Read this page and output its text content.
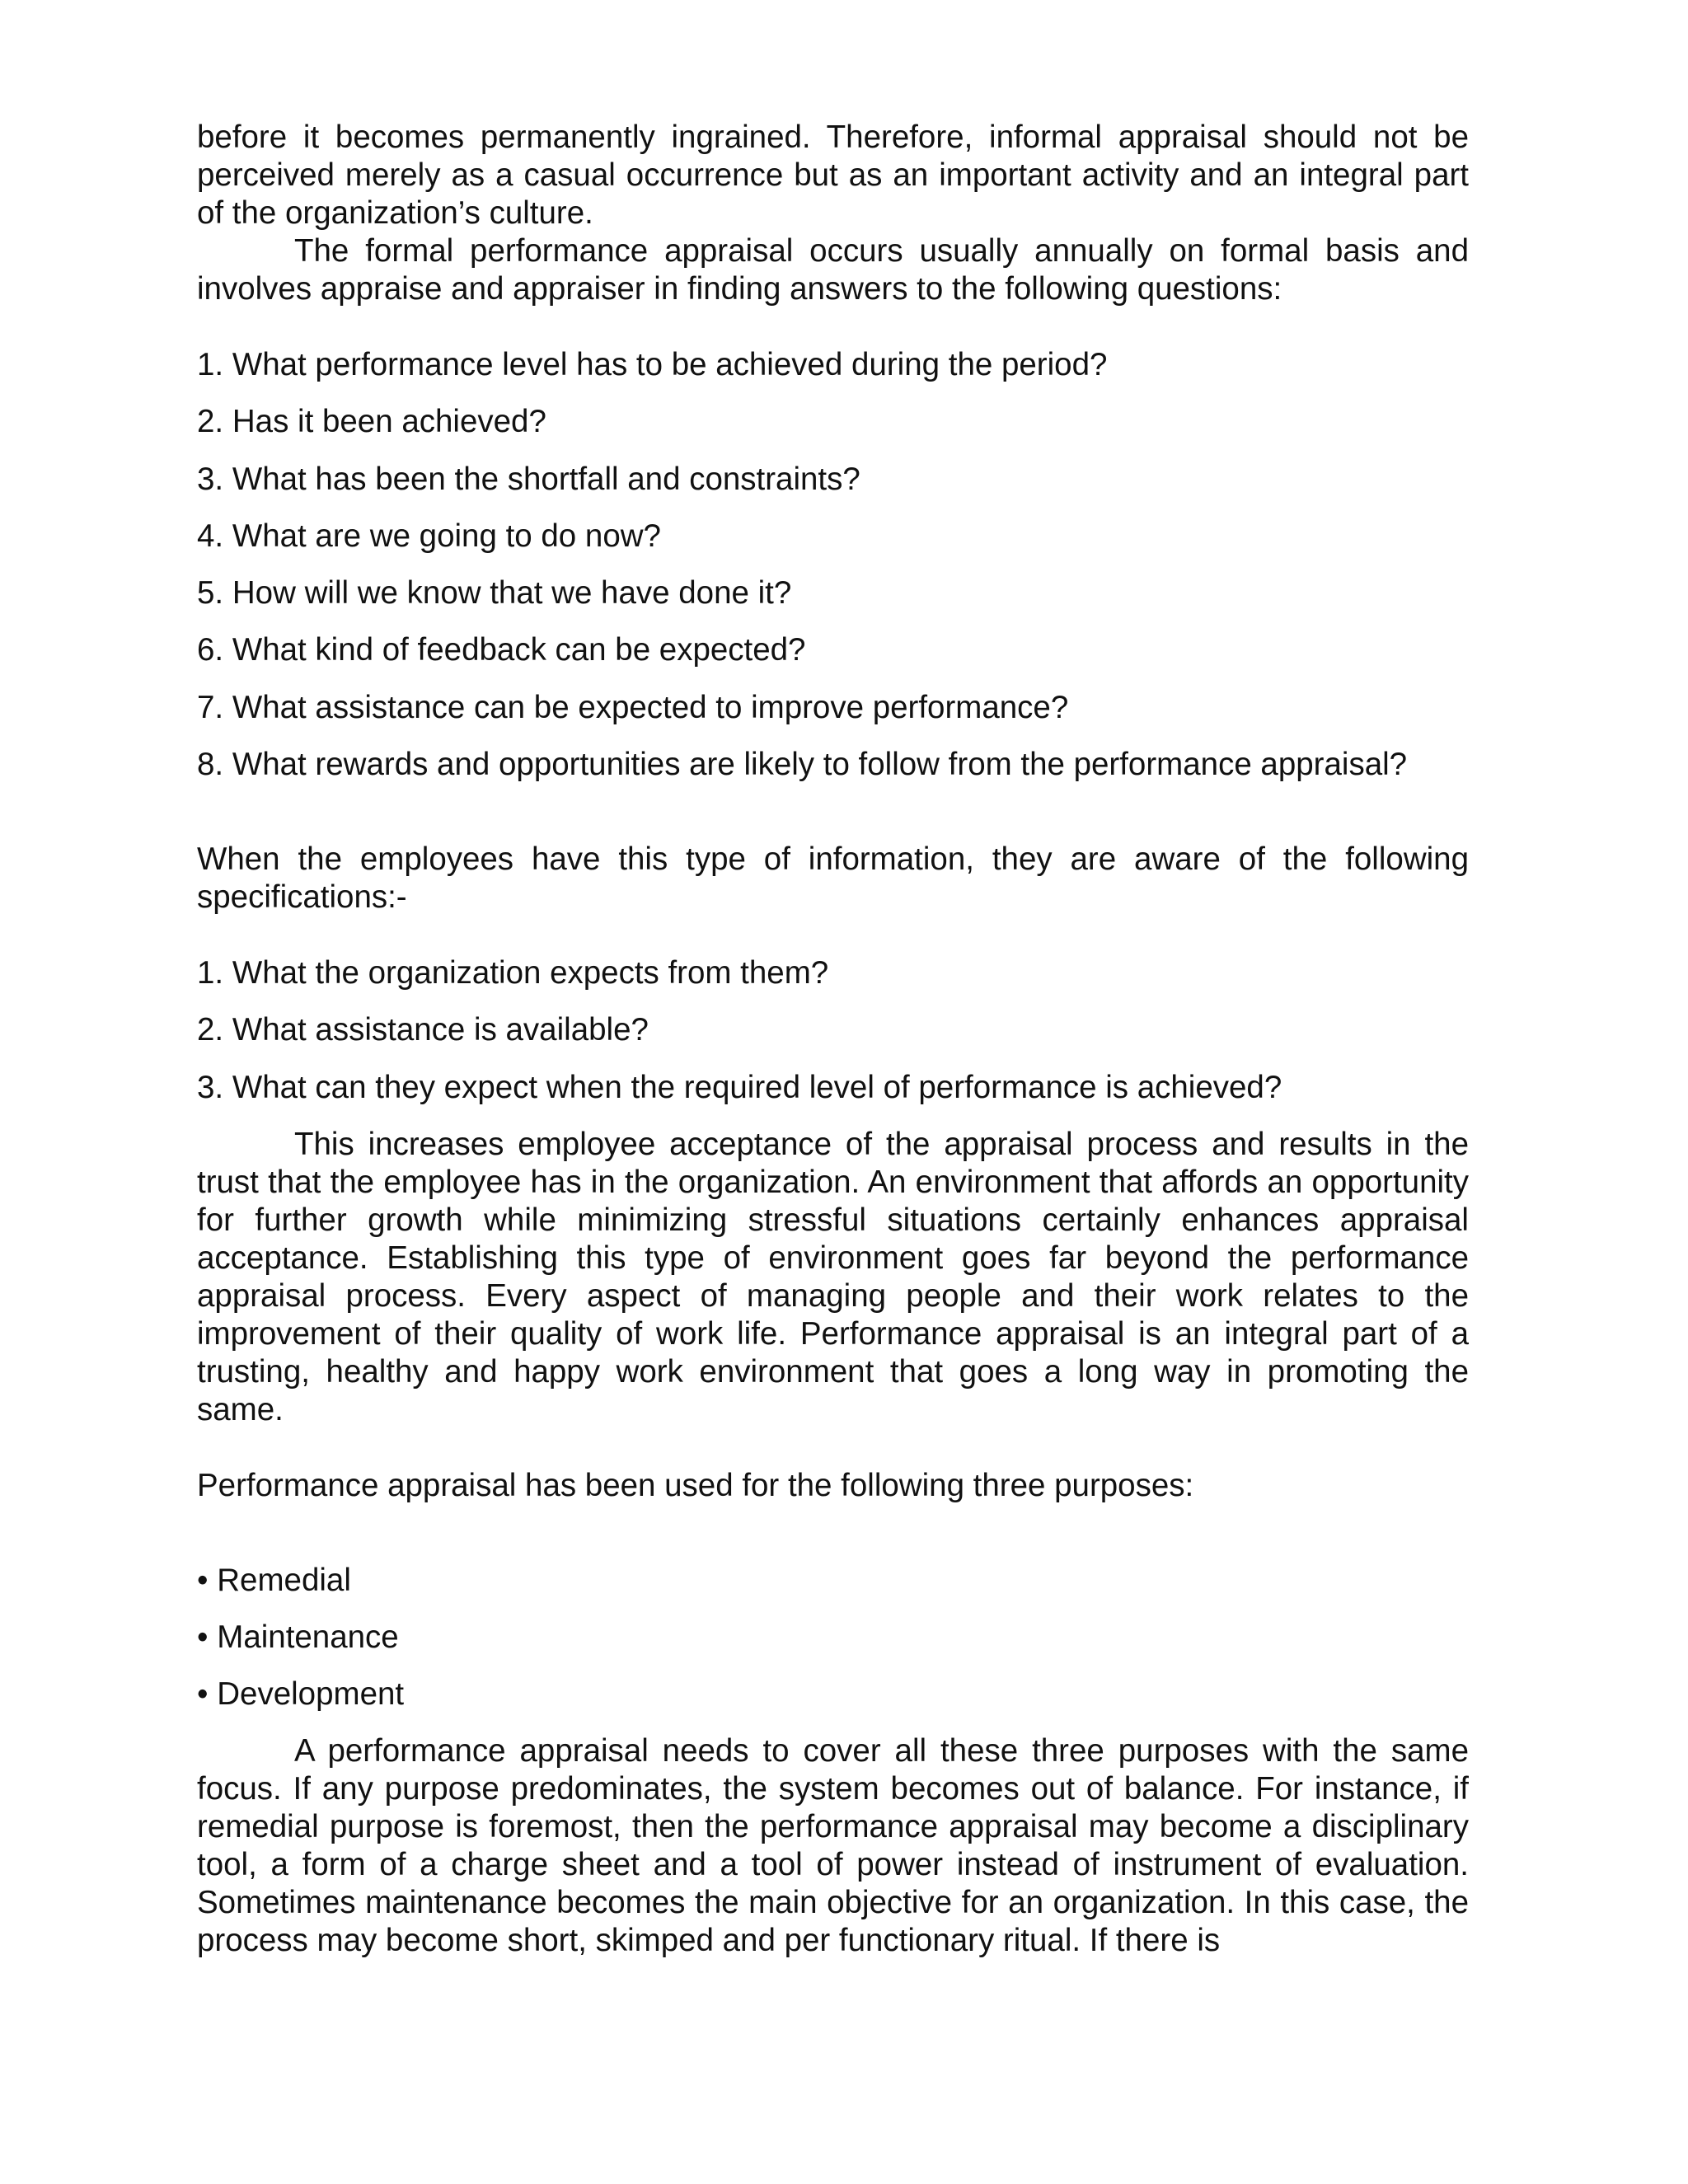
before it becomes permanently ingrained. Therefore, informal appraisal should not be perceived merely as a casual occurrence but as an important activity and an integral part of the organization’s culture.

The formal performance appraisal occurs usually annually on formal basis and involves appraise and appraiser in finding answers to the following questions:

1. What performance level has to be achieved during the period?
2. Has it been achieved?
3. What has been the shortfall and constraints?
4. What are we going to do now?
5. How will we know that we have done it?
6. What kind of feedback can be expected?
7. What assistance can be expected to improve performance?
8. What rewards and opportunities are likely to follow from the performance appraisal?

When the employees have this type of information, they are aware of the following specifications:-

1. What the organization expects from them?
2. What assistance is available?
3. What can they expect when the required level of performance is achieved?

This increases employee acceptance of the appraisal process and results in the trust that the employee has in the organization. An environment that affords an opportunity for further growth while minimizing stressful situations certainly enhances appraisal acceptance. Establishing this type of environment goes far beyond the performance appraisal process. Every aspect of managing people and their work relates to the improvement of their quality of work life. Performance appraisal is an integral part of a trusting, healthy and happy work environment that goes a long way in promoting the same.

Performance appraisal has been used for the following three purposes:

• Remedial
• Maintenance
• Development

A performance appraisal needs to cover all these three purposes with the same focus. If any purpose predominates, the system becomes out of balance. For instance, if remedial purpose is foremost, then the performance appraisal may become a disciplinary tool, a form of a charge sheet and a tool of power instead of instrument of evaluation. Sometimes maintenance becomes the main objective for an organization. In this case, the process may become short, skimped and per functionary ritual. If there is
